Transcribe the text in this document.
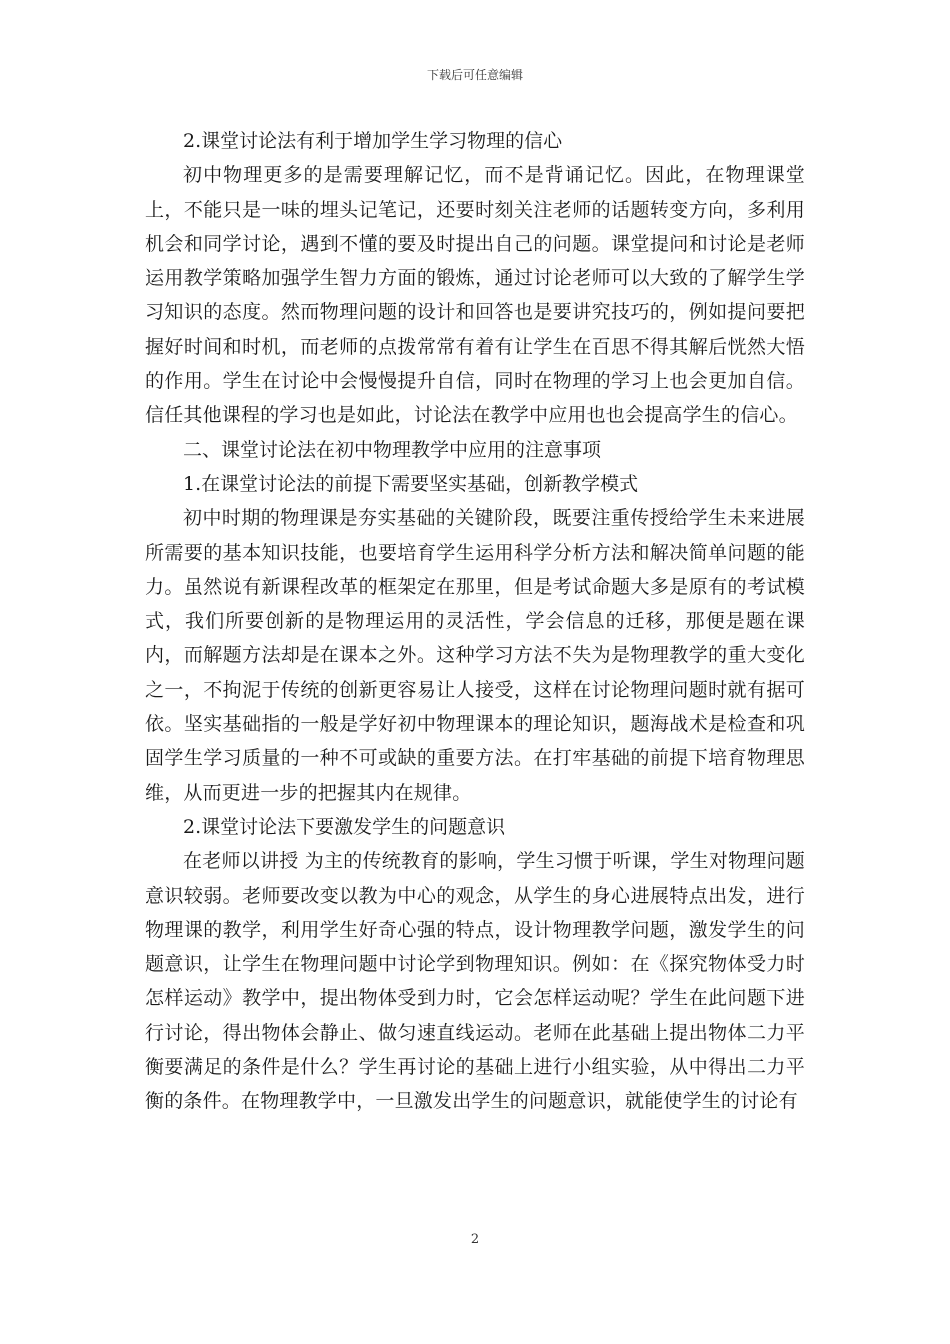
下载后可任意编辑

2.课堂讨论法有利于增加学生学习物理的信心

初中物理更多的是需要理解记忆，而不是背诵记忆。因此，在物理课堂上，不能只是一味的埋头记笔记，还要时刻关注老师的话题转变方向，多利用机会和同学讨论，遇到不懂的要及时提出自己的问题。课堂提问和讨论是老师运用教学策略加强学生智力方面的锻炼，通过讨论老师可以大致的了解学生学习知识的态度。然而物理问题的设计和回答也是要讲究技巧的，例如提问要把握好时间和时机，而老师的点拨常常有着有让学生在百思不得其解后恍然大悟的作用。学生在讨论中会慢慢提升自信，同时在物理的学习上也会更加自信。信任其他课程的学习也是如此，讨论法在教学中应用也也会提高学生的信心。

二、课堂讨论法在初中物理教学中应用的注意事项

1.在课堂讨论法的前提下需要坚实基础，创新教学模式

初中时期的物理课是夯实基础的关键阶段，既要注重传授给学生未来进展所需要的基本知识技能，也要培育学生运用科学分析方法和解决简单问题的能力。虽然说有新课程改革的框架定在那里，但是考试命题大多是原有的考试模式，我们所要创新的是物理运用的灵活性，学会信息的迁移，那便是题在课内，而解题方法却是在课本之外。这种学习方法不失为是物理教学的重大变化之一，不拘泥于传统的创新更容易让人接受，这样在讨论物理问题时就有据可依。坚实基础指的一般是学好初中物理课本的理论知识，题海战术是检查和巩固学生学习质量的一种不可或缺的重要方法。在打牢基础的前提下培育物理思维，从而更进一步的把握其内在规律。

2.课堂讨论法下要激发学生的问题意识

在老师以讲授 为主的传统教育的影响，学生习惯于听课，学生对物理问题意识较弱。老师要改变以教为中心的观念，从学生的身心进展特点出发，进行物理课的教学，利用学生好奇心强的特点，设计物理教学问题，激发学生的问题意识，让学生在物理问题中讨论学到物理知识。例如：在《探究物体受力时怎样运动》教学中，提出物体受到力时，它会怎样运动呢？学生在此问题下进行讨论，得出物体会静止、做匀速直线运动。老师在此基础上提出物体二力平衡要满足的条件是什么？学生再讨论的基础上进行小组实验，从中得出二力平衡的条件。在物理教学中，一旦激发出学生的问题意识，就能使学生的讨论有

2
